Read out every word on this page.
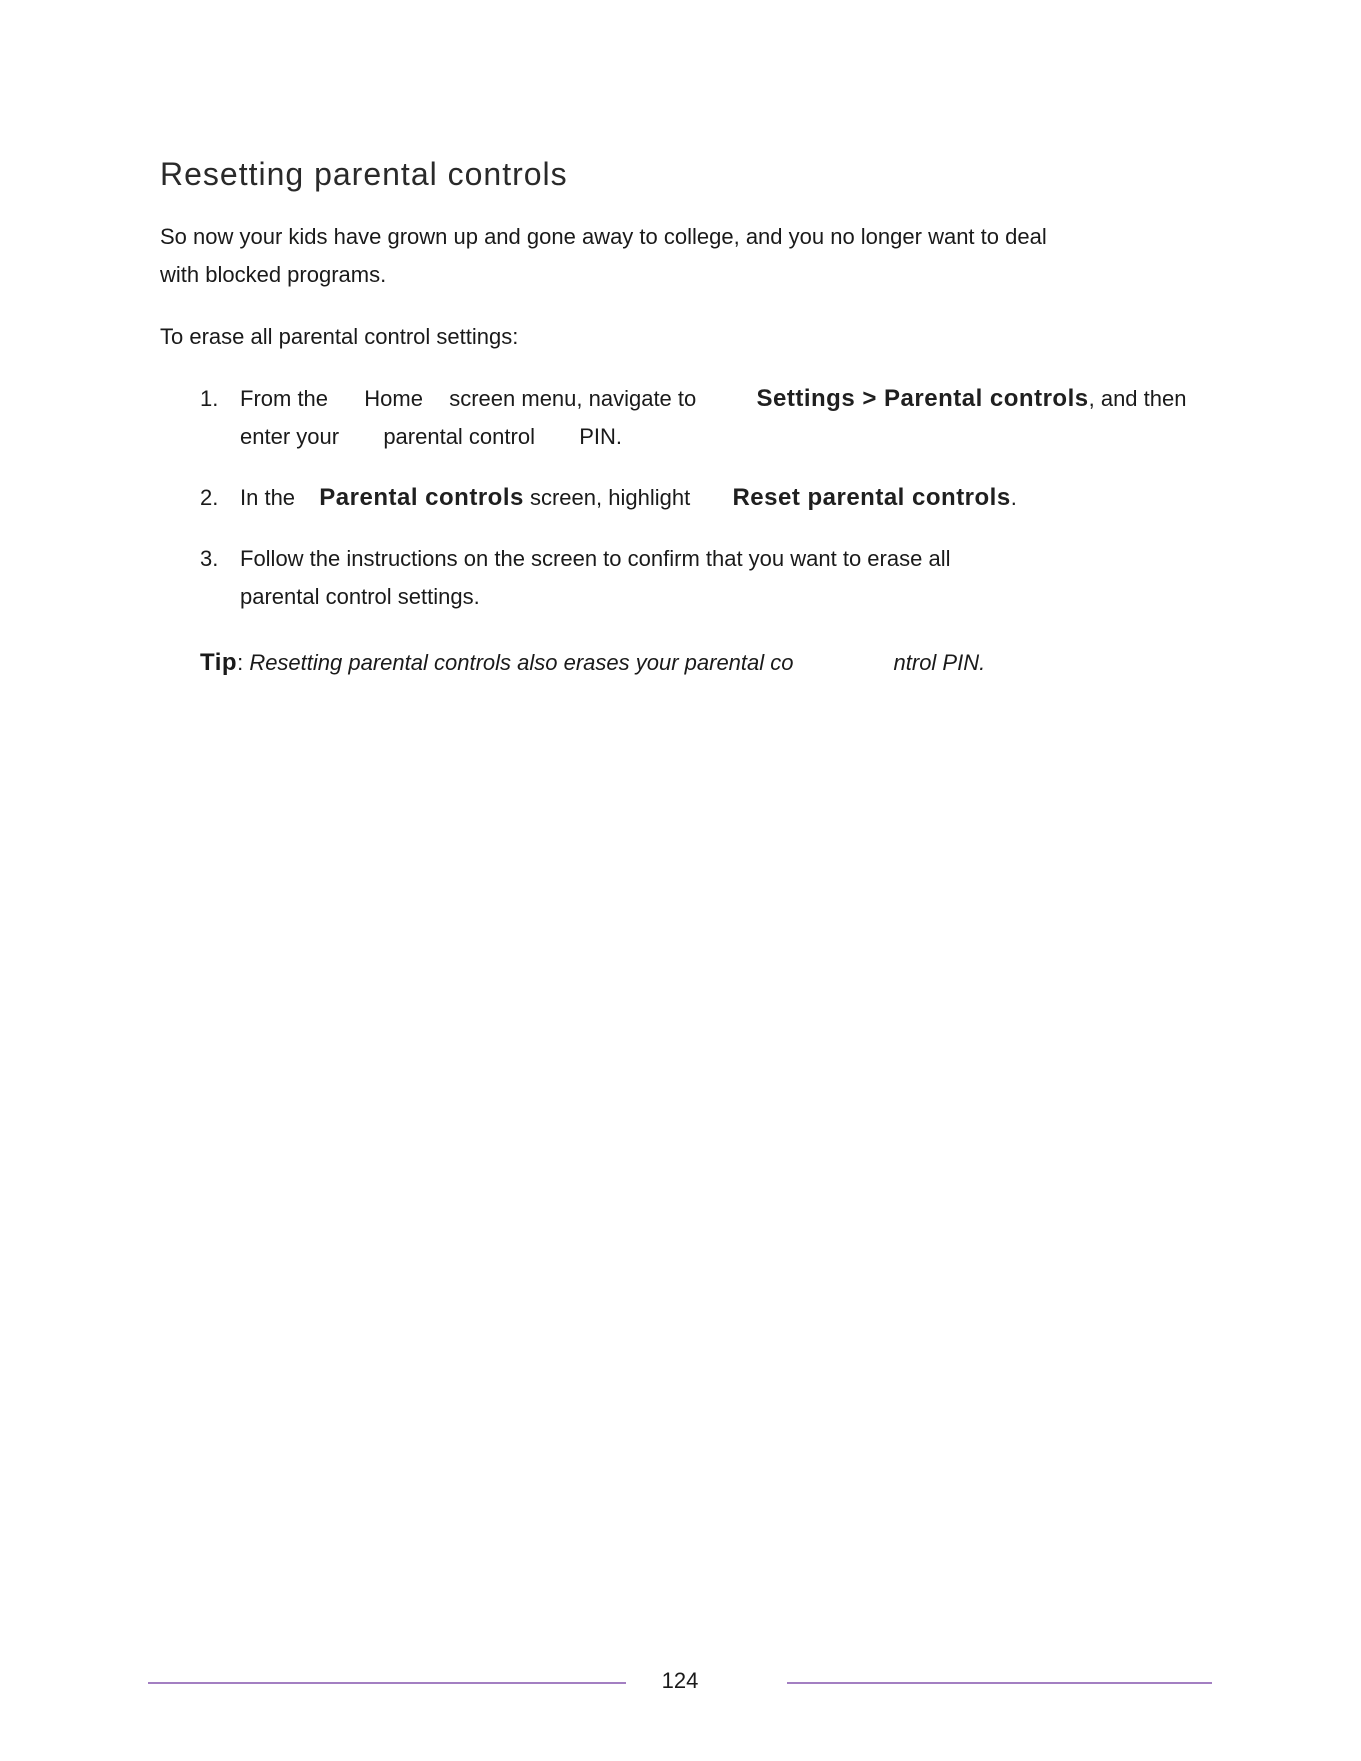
Resetting parental controls

So now your kids have grown up and gone away to college, and you no longer want to deal with blocked programs.

To erase all parental control settings:

1. From the Home screen menu, navigate to	Settings > Parental controls, and then enter your parental control PIN.
2. In the Parental controls screen, highlight Reset parental controls.
3. Follow the instructions on the screen to confirm that you want to erase all parental control settings.
Tip: Resetting parental controls also erases your parental co	ntrol PIN.
124
